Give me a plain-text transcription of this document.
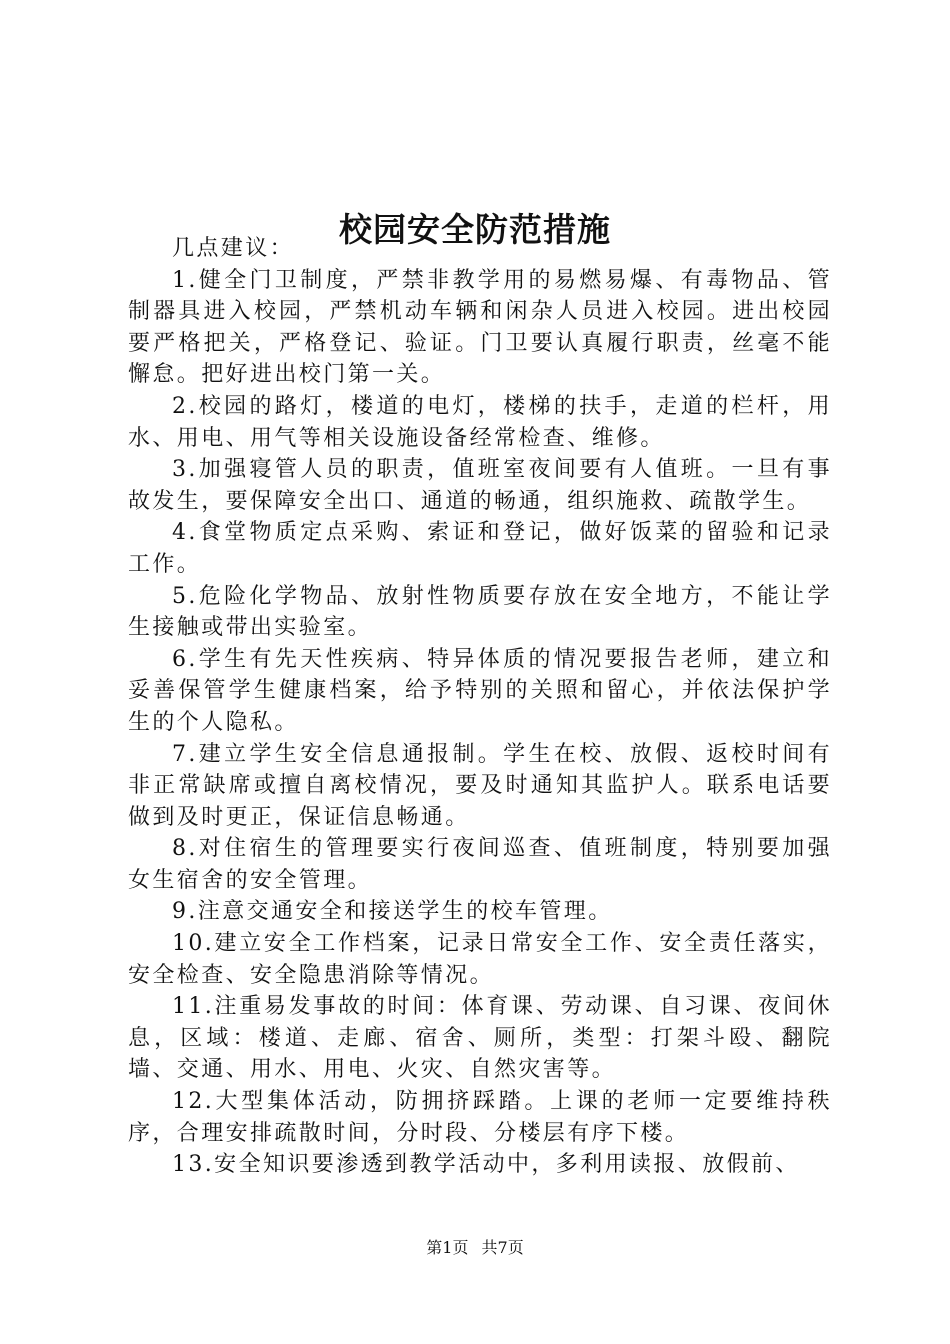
校园安全防范措施

几点建议：

1.健全门卫制度，严禁非教学用的易燃易爆、有毒物品、管制器具进入校园，严禁机动车辆和闲杂人员进入校园。进出校园要严格把关，严格登记、验证。门卫要认真履行职责，丝毫不能懈怠。把好进出校门第一关。

2.校园的路灯，楼道的电灯，楼梯的扶手，走道的栏杆，用水、用电、用气等相关设施设备经常检查、维修。

3.加强寝管人员的职责，值班室夜间要有人值班。一旦有事故发生，要保障安全出口、通道的畅通，组织施救、疏散学生。

4.食堂物质定点采购、索证和登记，做好饭菜的留验和记录工作。

5.危险化学物品、放射性物质要存放在安全地方，不能让学生接触或带出实验室。

6.学生有先天性疾病、特异体质的情况要报告老师，建立和妥善保管学生健康档案，给予特别的关照和留心，并依法保护学生的个人隐私。

7.建立学生安全信息通报制。学生在校、放假、返校时间有非正常缺席或擅自离校情况，要及时通知其监护人。联系电话要做到及时更正，保证信息畅通。

8.对住宿生的管理要实行夜间巡查、值班制度，特别要加强女生宿舍的安全管理。

9.注意交通安全和接送学生的校车管理。

10.建立安全工作档案，记录日常安全工作、安全责任落实，安全检查、安全隐患消除等情况。

11.注重易发事故的时间：体育课、劳动课、自习课、夜间休息，区域：楼道、走廊、宿舍、厕所，类型：打架斗殴、翻院墙、交通、用水、用电、火灾、自然灾害等。

12.大型集体活动，防拥挤踩踏。上课的老师一定要维持秩序，合理安排疏散时间，分时段、分楼层有序下楼。

13.安全知识要渗透到教学活动中，多利用读报、放假前、

第1页 共7页
